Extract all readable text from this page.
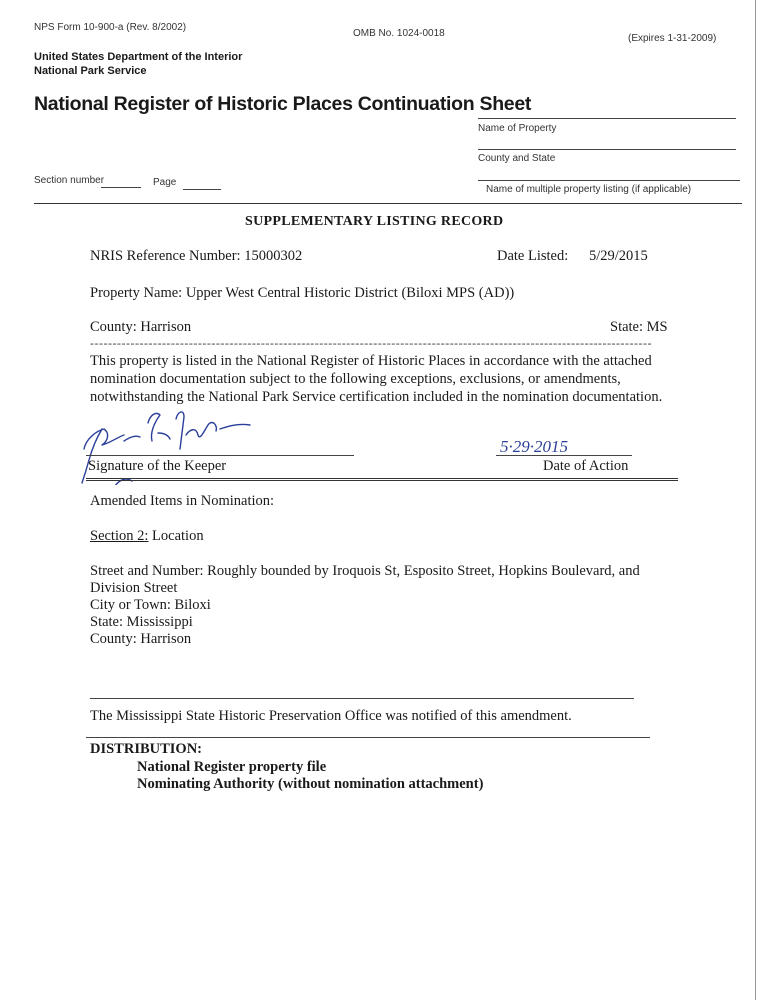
NPS Form 10-900-a (Rev. 8/2002)
OMB No. 1024-0018	(Expires 1-31-2009)
United States Department of the Interior
National Park Service
National Register of Historic Places Continuation Sheet
Name of Property
County and State
Section number	Page
Name of multiple property listing (if applicable)
SUPPLEMENTARY LISTING RECORD
NRIS Reference Number: 15000302	Date Listed: 5/29/2015
Property Name: Upper West Central Historic District (Biloxi MPS (AD))
County: Harrison	State: MS
-----------------------------------------------------------------------------------------------------------------------------
This property is listed in the National Register of Historic Places in accordance with the attached
nomination documentation subject to the following exceptions, exclusions, or amendments,
notwithstanding the National Park Service certification included in the nomination documentation.
Signature of the Keeper
5·29·2015
Date of Action
Amended Items in Nomination:
Section 2: Location
Street and Number: Roughly bounded by Iroquois St, Esposito Street, Hopkins Boulevard, and
Division Street
City or Town: Biloxi
State: Mississippi
County: Harrison
The Mississippi State Historic Preservation Office was notified of this amendment.
DISTRIBUTION:
National Register property file
Nominating Authority (without nomination attachment)
